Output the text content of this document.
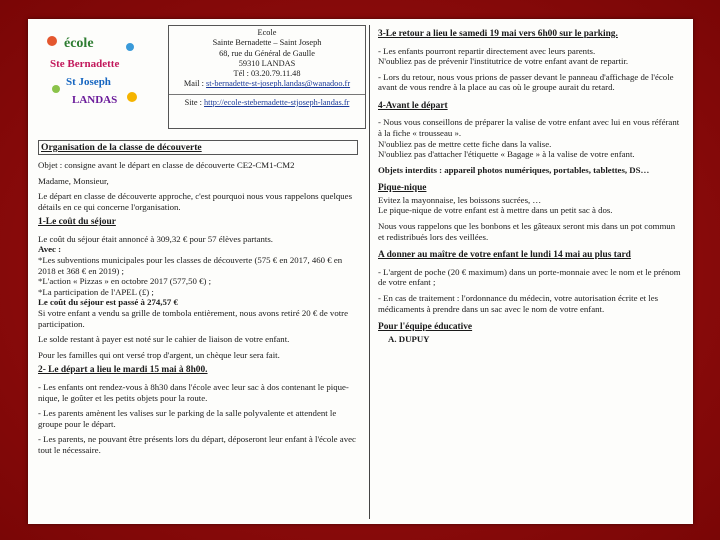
école
Ste Bernadette
St Joseph
LANDAS
Ecole
Sainte Bernadette – Saint Joseph
68, rue du Général de Gaulle
59310 LANDAS
Tél : 03.20.79.11.48
Mail : st-bernadette-st-joseph.landas@wanadoo.fr
Site : http://ecole-stebernadette-stjoseph-landas.fr
Organisation de la classe de découverte

Objet : consigne avant le départ en classe de découverte CE2-CM1-CM2

Madame, Monsieur,

Le départ en classe de découverte approche, c'est pourquoi nous vous rappelons quelques détails en ce qui concerne l'organisation.

1-Le coût du séjour

Le coût du séjour était annoncé à 309,32 € pour 57 élèves partants.

Avec :

*Les subventions municipales pour les classes de découverte (575 € en 2017, 460 € en 2018 et 368 € en 2019) ;

*L'action « Pizzas » en octobre 2017 (577,50 €) ;

*La participation de l'APEL (£) ;

Le coût du séjour est passé à 274,57 €

Si votre enfant a vendu sa grille de tombola entièrement, nous avons retiré 20 € de votre participation.

Le solde restant à payer est noté sur le cahier de liaison de votre enfant.

Pour les familles qui ont versé trop d'argent, un chèque leur sera fait.

2- Le départ a lieu le mardi 15 mai à 8h00.

- Les enfants ont rendez-vous à 8h30 dans l'école avec leur sac à dos contenant le pique-nique, le goûter et les petits objets pour la route.

- Les parents amènent les valises sur le parking de la salle polyvalente et attendent le groupe pour le départ.

- Les parents, ne pouvant être présents lors du départ, déposeront leur enfant à l'école avec tout le nécessaire.

3-Le retour a lieu le samedi 19 mai vers 6h00 sur le parking.

- Les enfants pourront repartir directement avec leurs parents.

N'oubliez pas de prévenir l'institutrice de votre enfant avant de repartir.

- Lors du retour, nous vous prions de passer devant le panneau d'affichage de l'école avant de vous rendre à la place au cas où le groupe aurait du retard.

4-Avant le départ

- Nous vous conseillons de préparer la valise de votre enfant avec lui en vous référant à la fiche « trousseau ».

N'oubliez pas de mettre cette fiche dans la valise.

N'oubliez pas d'attacher l'étiquette « Bagage » à la valise de votre enfant.

Objets interdits : appareil photos numériques, portables, tablettes, DS…

Pique-nique

Evitez la mayonnaise, les boissons sucrées, …

Le pique-nique de votre enfant est à mettre dans un petit sac à dos.

Nous vous rappelons que les bonbons et les gâteaux seront mis dans un pot commun et redistribués lors des veillées.

A donner au maître de votre enfant le lundi 14 mai au plus tard

- L'argent de poche (20 € maximum) dans un porte-monnaie avec le nom et le prénom de votre enfant ;

- En cas de traitement : l'ordonnance du médecin, votre autorisation écrite et les médicaments à prendre dans un sac avec le nom de votre enfant.

Pour l'équipe éducative

A. DUPUY
